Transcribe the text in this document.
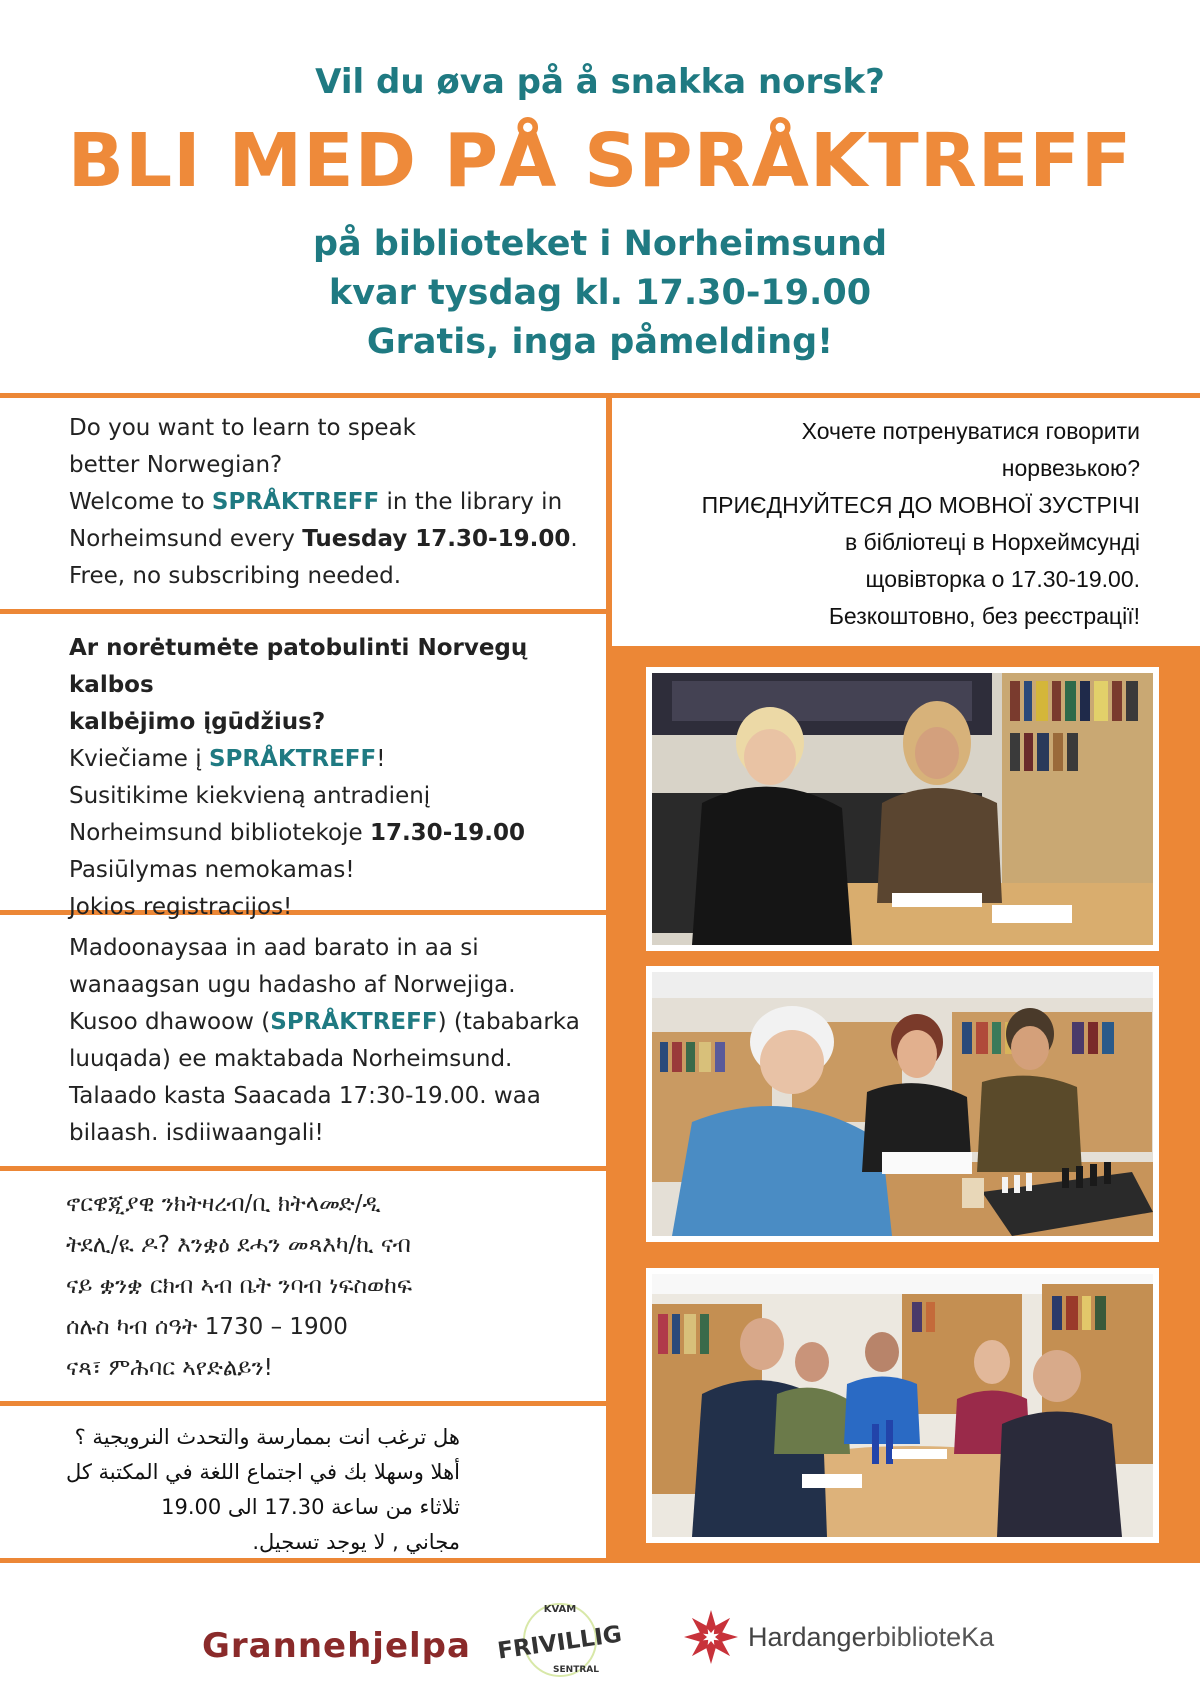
Vil du øva på å snakka norsk?
BLI MED PÅ SPRÅKTREFF
på biblioteket i Norheimsund
kvar tysdag kl. 17.30-19.00
Gratis, inga påmelding!
Do you want to learn to speak
better Norwegian?
Welcome to SPRÅKTREFF in the library in
Norheimsund every Tuesday 17.30-19.00.
Free, no subscribing needed.
Хочете потренуватися говорити
норвезькою?
ПРИЄДНУЙТЕСЯ ДО МОВНОЇ ЗУСТРІЧІ
в бібліотеці в Норхеймсунді
щовівторка о 17.30-19.00.
Безкоштовно, без реєстрації!
Ar norėtumėte patobulinti Norvegų kalbos
kalbėjimo įgūdžius?
Kviečiame į SPRÅKTREFF!
Susitikime kiekvieną antradienį
Norheimsund bibliotekoje 17.30-19.00
Pasiūlymas nemokamas!
Jokios registracijos!
Madoonaysaa in aad barato in aa si
wanaagsan ugu hadasho af Norwejiga.
Kusoo dhawoow (SPRÅKTREFF) (tababarka
luuqada) ee maktabada Norheimsund.
Talaado kasta Saacada 17:30-19.00. waa
bilaash. isdiiwaangali!
ኖርዌጂያዊ ንክትዛረብ/ቢ ክትላመድ/ዲ
ትደሊ/ዪ ዶ? እንቋዕ ደሓን መጻእካ/ኪ ናብ
ናይ ቋንቋ ርክብ ኣብ ቤት ንባብ ነፍስወከፍ
ሰሉስ ካብ ሰዓት 1730 – 1900
ናጻ፣ ምሕባር ኣየድልይን!
هل ترغب انت بممارسة والتحدث النرويجية ؟
أهلا وسهلا بك في اجتماع اللغة في المكتبة كل
ثلاثاء من ساعة 17.30 الى 19.00
مجاني , لا يوجد تسجيل.
Grannehjelpa
KVAM
FRIVILLIG
SENTRAL
HardangerbiblioteKa
